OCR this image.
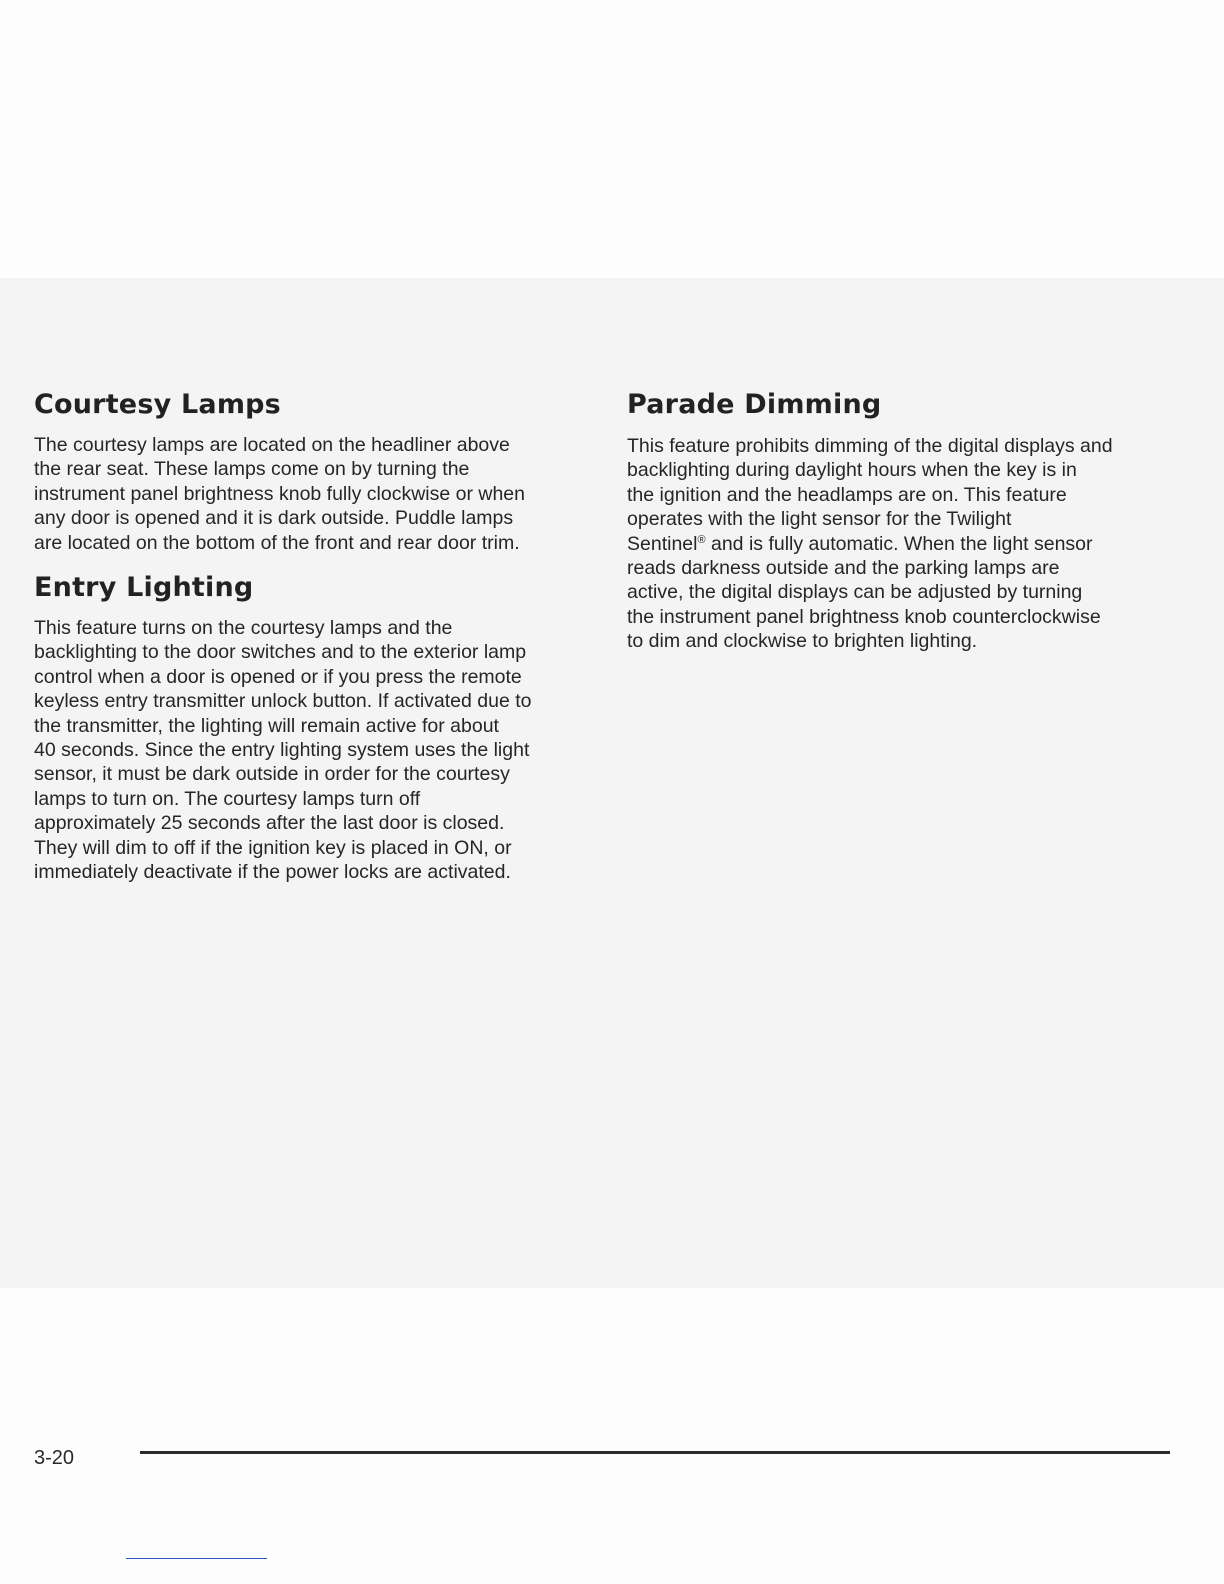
Courtesy Lamps

The courtesy lamps are located on the headliner above
the rear seat. These lamps come on by turning the
instrument panel brightness knob fully clockwise or when
any door is opened and it is dark outside. Puddle lamps
are located on the bottom of the front and rear door trim.

Entry Lighting

This feature turns on the courtesy lamps and the
backlighting to the door switches and to the exterior lamp
control when a door is opened or if you press the remote
keyless entry transmitter unlock button. If activated due to
the transmitter, the lighting will remain active for about
40 seconds. Since the entry lighting system uses the light
sensor, it must be dark outside in order for the courtesy
lamps to turn on. The courtesy lamps turn off
approximately 25 seconds after the last door is closed.
They will dim to off if the ignition key is placed in ON, or
immediately deactivate if the power locks are activated.

Parade Dimming

This feature prohibits dimming of the digital displays and
backlighting during daylight hours when the key is in
the ignition and the headlamps are on. This feature
operates with the light sensor for the Twilight
Sentinel® and is fully automatic. When the light sensor
reads darkness outside and the parking lamps are
active, the digital displays can be adjusted by turning
the instrument panel brightness knob counterclockwise
to dim and clockwise to brighten lighting.

3-20
